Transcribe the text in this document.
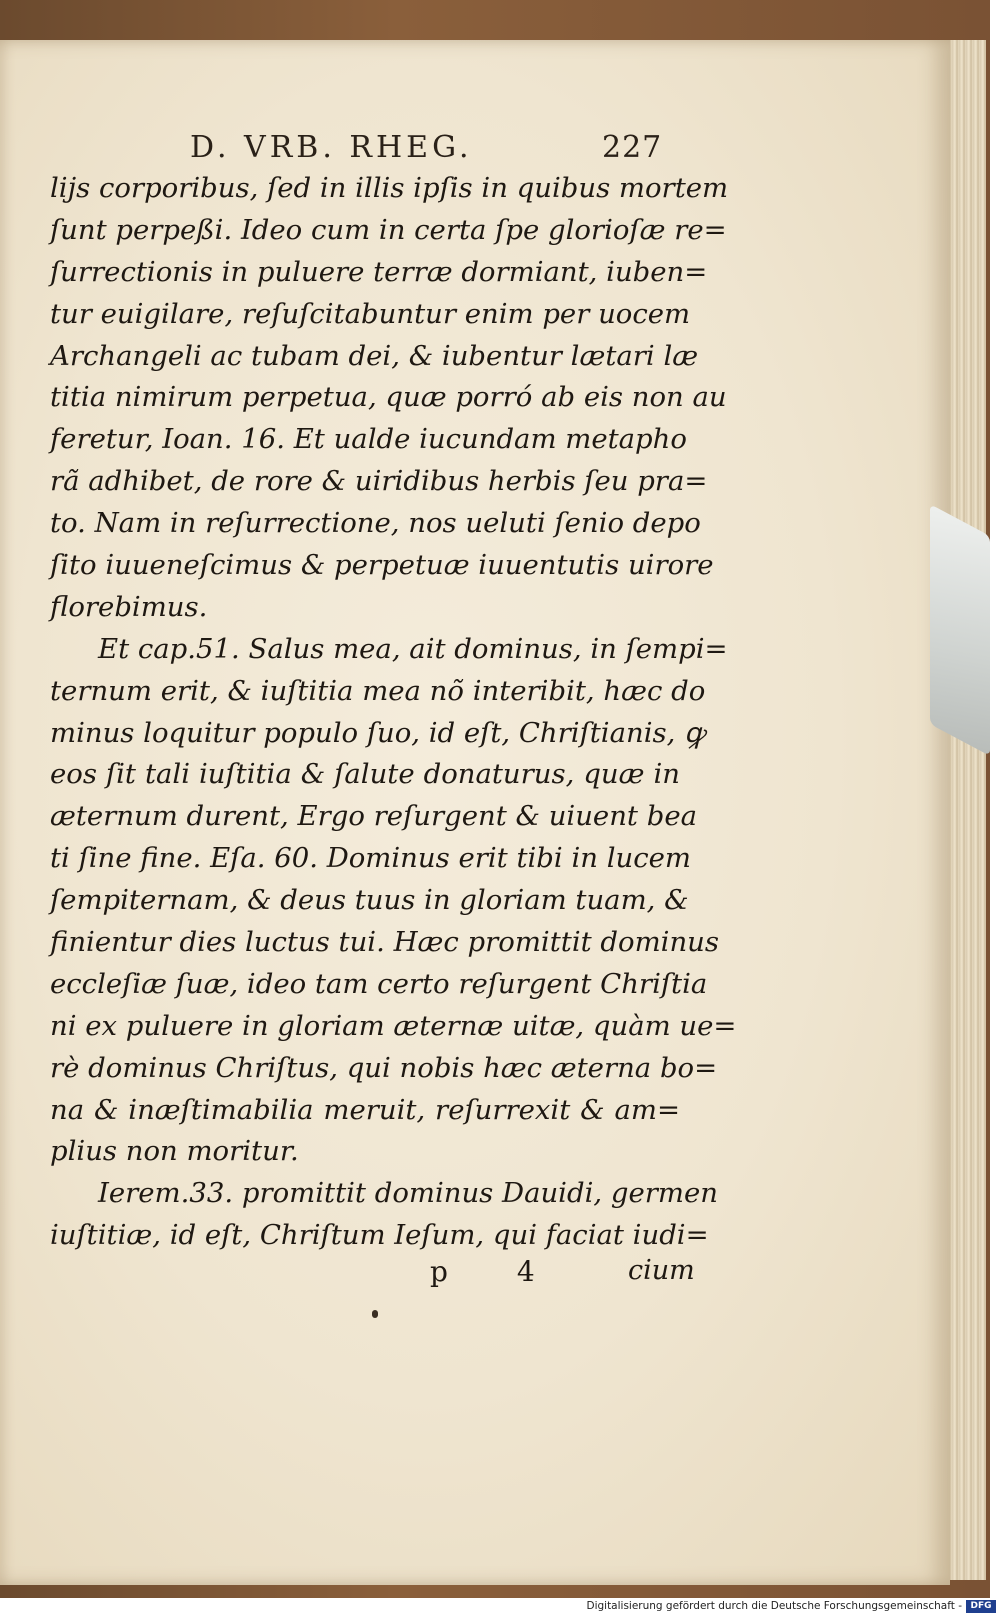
D. VRB. RHEG.	227
lijs corporibus, ſed in illis ipſis in quibus mortem
ſunt perpeßi. Ideo cum in certa ſpe glorioſæ re=
ſurrectionis in puluere terræ dormiant, iuben=
tur euigilare, reſuſcitabuntur enim per uocem
Archangeli ac tubam dei, & iubentur lætari læ
titia nimirum perpetua, quæ porró ab eis non au
feretur, Ioan. 16. Et ualde iucundam metapho
rã adhibet, de rore & uiridibus herbis ſeu pra=
to. Nam in reſurrectione, nos ueluti ſenio depo
ſito iuueneſcimus & perpetuæ iuuentutis uirore
florebimus.
Et cap.51. Salus mea, ait dominus, in ſempi=
ternum erit, & iuſtitia mea nõ interibit, hæc do
minus loquitur populo ſuo, id eſt, Chriſtianis, ꝙ
eos ſit tali iuſtitia & ſalute donaturus, quæ in
æternum durent, Ergo reſurgent & uiuent bea
ti ſine fine. Eſa. 60. Dominus erit tibi in lucem
ſempiternam, & deus tuus in gloriam tuam, &
finientur dies luctus tui. Hæc promittit dominus
eccleſiæ ſuæ, ideo tam certo reſurgent Chriſtia
ni ex puluere in gloriam æternæ uitæ, quàm ue=
rè dominus Chriſtus, qui nobis hæc æterna bo=
na & inæſtimabilia meruit, reſurrexit & am=
plius non moritur.
Ierem.33. promittit dominus Dauidi, germen
iuſtitiæ, id eſt, Chriſtum Ieſum, qui faciat iudi=
p 4 cium
Digitalisierung gefördert durch die Deutsche Forschungsgemeinschaft - DFG
